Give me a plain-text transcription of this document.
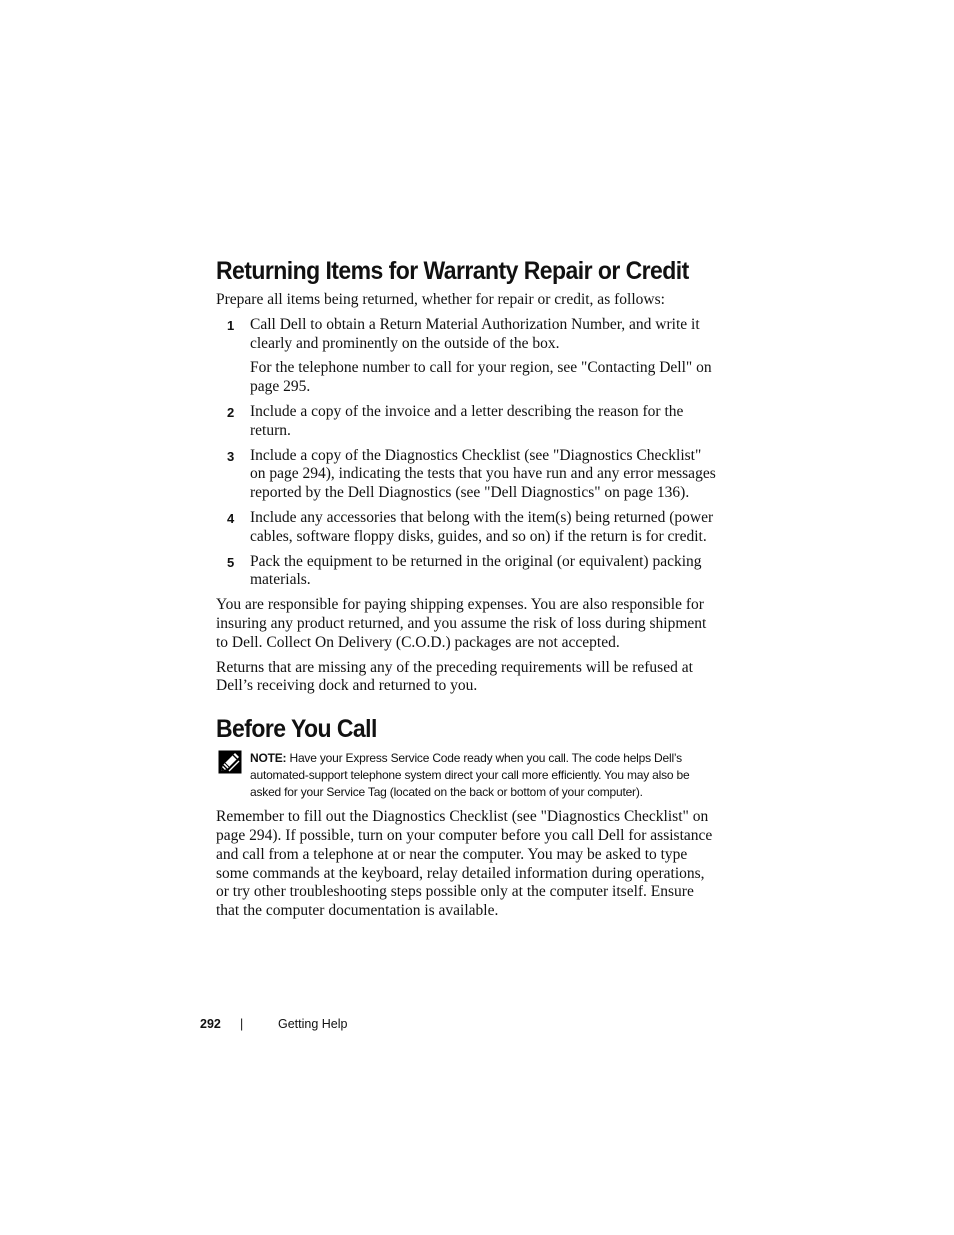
Returning Items for Warranty Repair or Credit

Prepare all items being returned, whether for repair or credit, as follows:

1 Call Dell to obtain a Return Material Authorization Number, and write it clearly and prominently on the outside of the box.

For the telephone number to call for your region, see "Contacting Dell" on page 295.

2 Include a copy of the invoice and a letter describing the reason for the return.

3 Include a copy of the Diagnostics Checklist (see "Diagnostics Checklist" on page 294), indicating the tests that you have run and any error messages reported by the Dell Diagnostics (see "Dell Diagnostics" on page 136).

4 Include any accessories that belong with the item(s) being returned (power cables, software floppy disks, guides, and so on) if the return is for credit.

5 Pack the equipment to be returned in the original (or equivalent) packing materials.

You are responsible for paying shipping expenses. You are also responsible for insuring any product returned, and you assume the risk of loss during shipment to Dell. Collect On Delivery (C.O.D.) packages are not accepted.

Returns that are missing any of the preceding requirements will be refused at Dell’s receiving dock and returned to you.

Before You Call
NOTE: Have your Express Service Code ready when you call. The code helps Dell’s automated-support telephone system direct your call more efficiently. You may also be asked for your Service Tag (located on the back or bottom of your computer).

Remember to fill out the Diagnostics Checklist (see "Diagnostics Checklist" on page 294). If possible, turn on your computer before you call Dell for assistance and call from a telephone at or near the computer. You may be asked to type some commands at the keyboard, relay detailed information during operations, or try other troubleshooting steps possible only at the computer itself. Ensure that the computer documentation is available.

292 |	Getting Help
